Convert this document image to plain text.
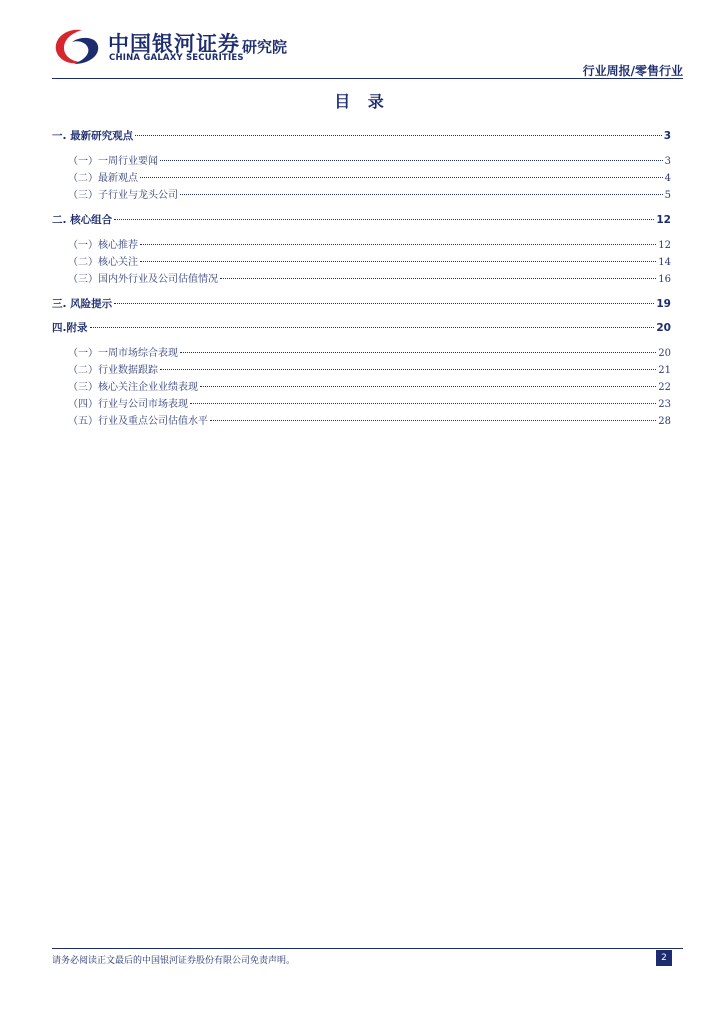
中国银河证券
CHINA GALAXY SECURITIES
研究院
行业周报/零售行业
目 录
一. 最新研究观点	3
（一）一周行业要闻	3
（二）最新观点	4
（三）子行业与龙头公司	5
二. 核心组合	12
（一）核心推荐	12
（二）核心关注	14
（三）国内外行业及公司估值情况	16
三. 风险提示	19
四.附录	20
（一）一周市场综合表现	20
（二）行业数据跟踪	21
（三）核心关注企业业绩表现	22
（四）行业与公司市场表现	23
（五）行业及重点公司估值水平	28
请务必阅读正文最后的中国银河证券股份有限公司免责声明。	2
